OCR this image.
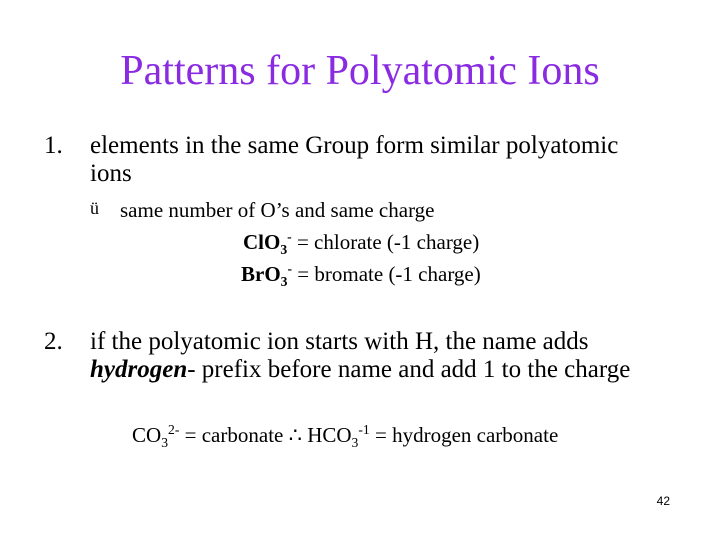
Patterns for Polyatomic Ions
1. elements in the same Group form similar polyatomic ions
ü same number of O’s and same charge
ClO$_3$- = chlorate (-1 charge)
BrO$_3$- = bromate (-1 charge)
2. if the polyatomic ion starts with H, the name adds hydrogen- prefix before name and add 1 to the charge
$CO_3^{2-}$ = carbonate ∴ $HCO_3^{-1}$ = hydrogen carbonate
42
